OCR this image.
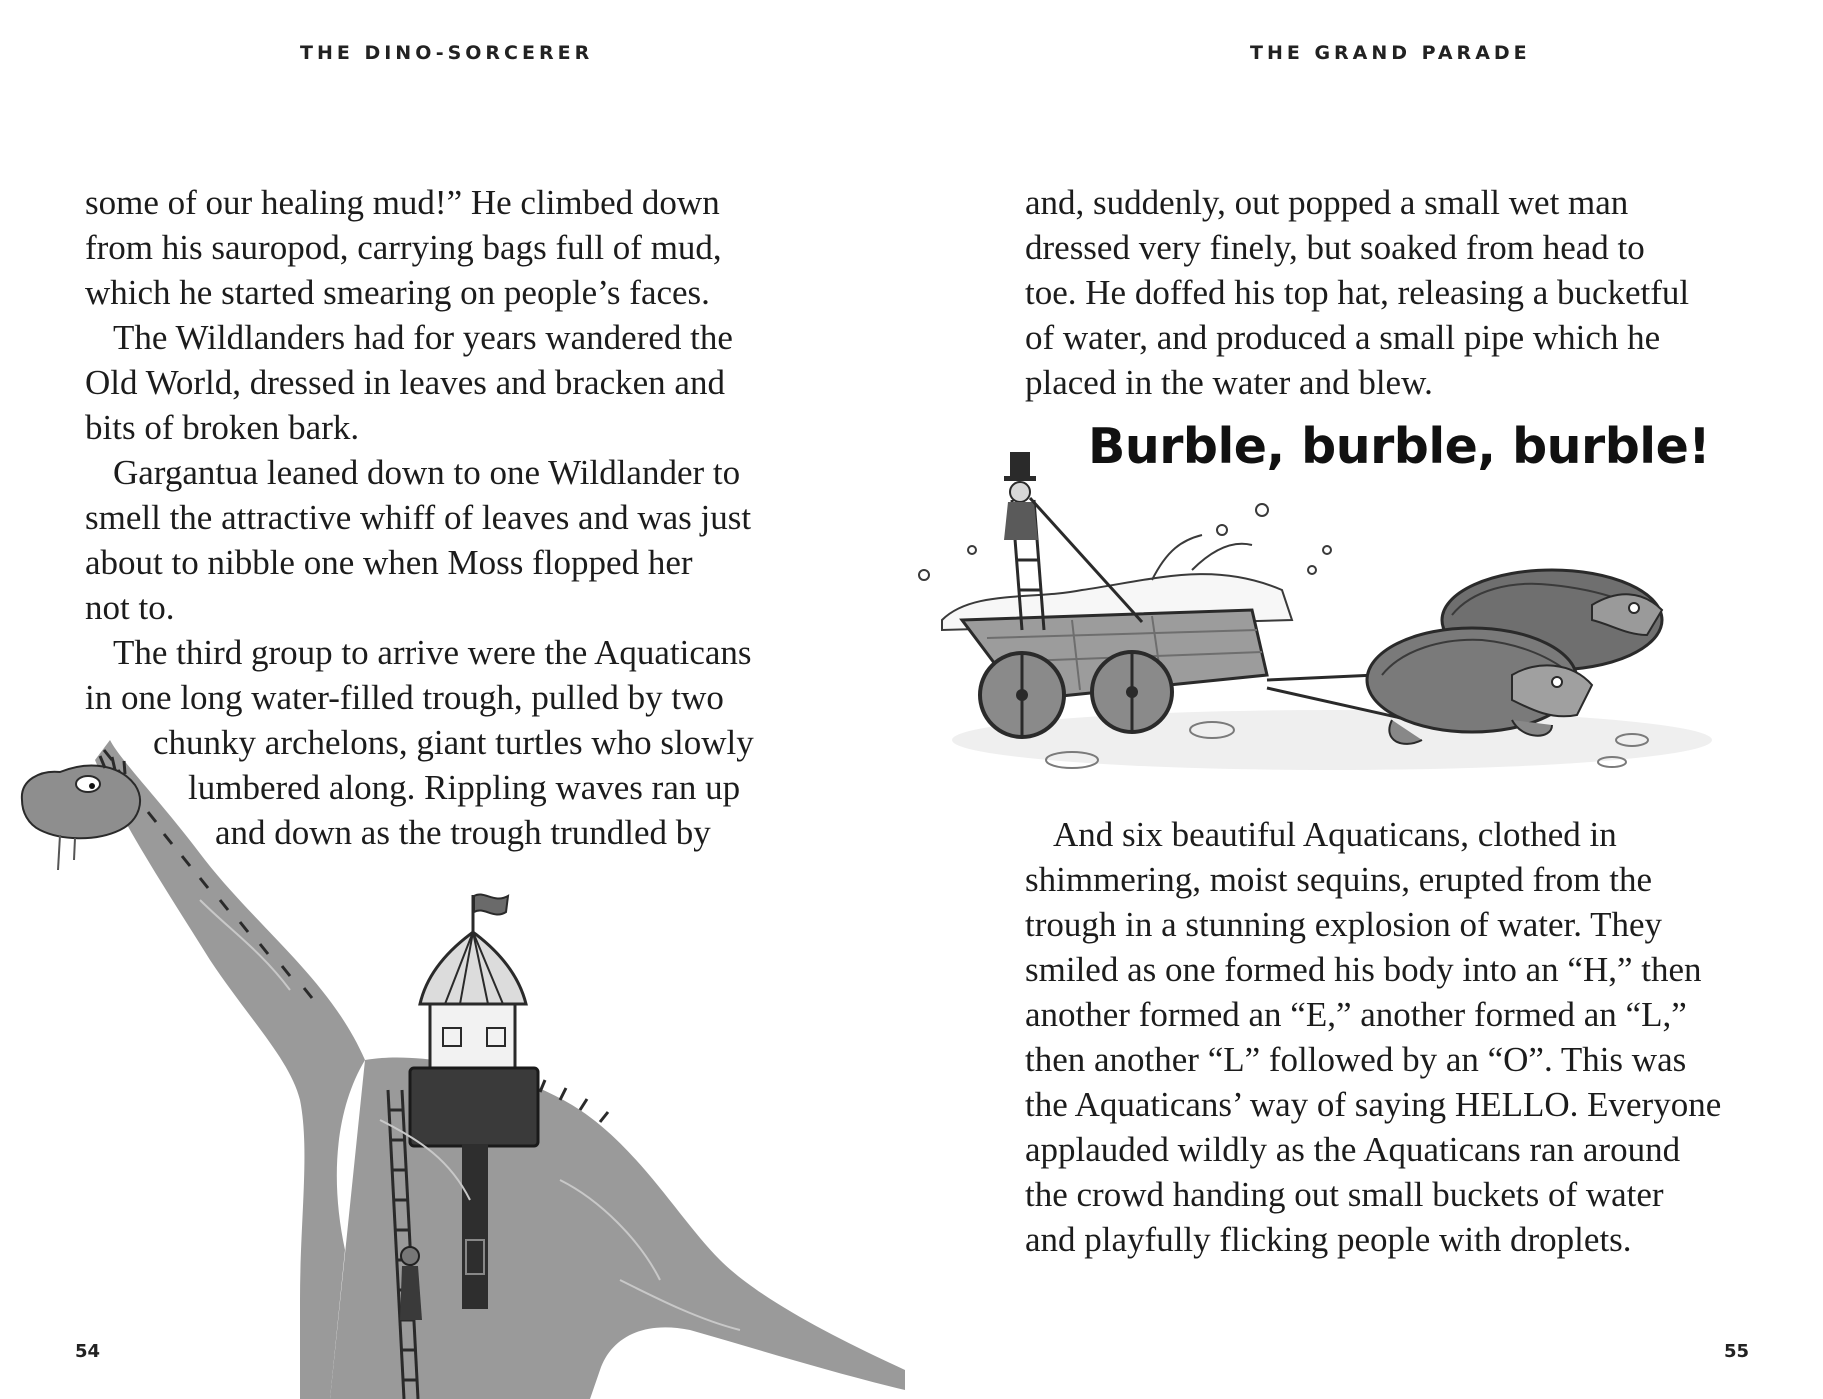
THE DINO-SORCERER
some of our healing mud!” He climbed down
from his sauropod, carrying bags full of mud,
which he started smearing on people’s faces.
The Wildlanders had for years wandered the
Old World, dressed in leaves and bracken and
bits of broken bark.
Gargantua leaned down to one Wildlander to
smell the attractive whiff of leaves and was just
about to nibble one when Moss flopped her
not to.
The third group to arrive were the Aquaticans
in one long water-filled trough, pulled by two
chunky archelons, giant turtles who slowly
lumbered along. Rippling waves ran up
and down as the trough trundled by
54
THE GRAND PARADE
and, suddenly, out popped a small wet man
dressed very finely, but soaked from head to
toe. He doffed his top hat, releasing a bucketful
of water, and produced a small pipe which he
placed in the water and blew.
Burble, burble, burble!
And six beautiful Aquaticans, clothed in
shimmering, moist sequins, erupted from the
trough in a stunning explosion of water. They
smiled as one formed his body into an “H,” then
another formed an “E,” another formed an “L,”
then another “L” followed by an “O”. This was
the Aquaticans’ way of saying HELLO. Everyone
applauded wildly as the Aquaticans ran around
the crowd handing out small buckets of water
and playfully flicking people with droplets.
55
